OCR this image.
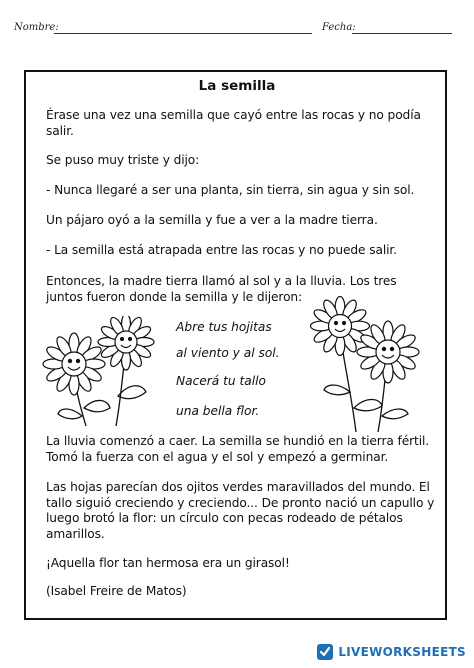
Nombre:	Fecha:
La semilla
Érase una vez una semilla que cayó entre las rocas y no podía salir.
Se puso muy triste y dijo:
- Nunca llegaré a ser una planta, sin tierra, sin agua y sin sol.
Un pájaro oyó a la semilla y fue a ver a la madre tierra.
- La semilla está atrapada entre las rocas y no puede salir.
Entonces, la madre tierra llamó al sol y a la lluvia. Los tres juntos fueron donde la semilla y le dijeron:
Abre tus hojitas
al viento y al sol.
Nacerá tu tallo
una bella flor.
La lluvia comenzó a caer. La semilla se hundió en la tierra fértil. Tomó la fuerza con el agua y el sol y empezó a germinar.
Las hojas parecían dos ojitos verdes maravillados del mundo. El tallo siguió creciendo y creciendo... De pronto nació un capullo y luego brotó la flor: un círculo con pecas rodeado de pétalos amarillos.
¡Aquella flor tan hermosa era un girasol!
(Isabel Freire de Matos)
LIVEWORKSHEETS
